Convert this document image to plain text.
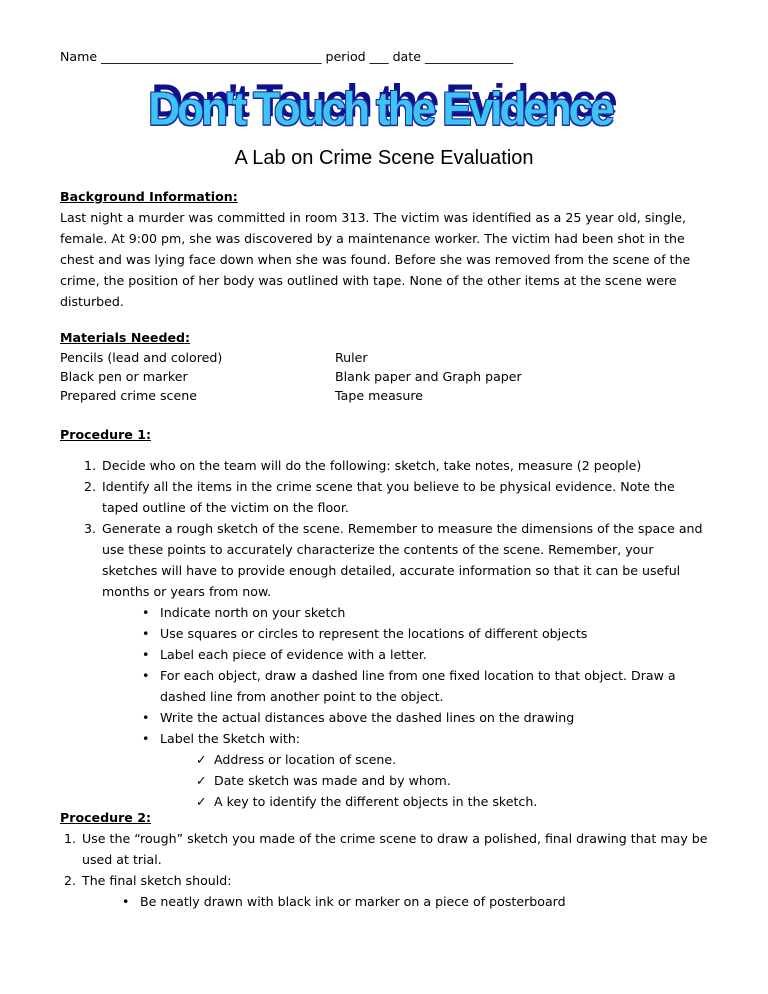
Name ___________________________________ period ___ date ______________
Don't Touch the Evidence
A Lab on Crime Scene Evaluation
Background Information:

Last night a murder was committed in room 313. The victim was identified as a 25 year old, single, female. At 9:00 pm, she was discovered by a maintenance worker. The victim had been shot in the chest and was lying face down when she was found. Before she was removed from the scene of the crime, the position of her body was outlined with tape. None of the other items at the scene were disturbed.

Materials Needed:
Pencils (lead and colored)
Black pen or marker
Prepared crime scene
Ruler
Blank paper and Graph paper
Tape measure
Procedure 1:
1. Decide who on the team will do the following: sketch, take notes, measure (2 people)
2. Identify all the items in the crime scene that you believe to be physical evidence. Note the taped outline of the victim on the floor.
3. Generate a rough sketch of the scene. Remember to measure the dimensions of the space and use these points to accurately characterize the contents of the scene. Remember, your sketches will have to provide enough detailed, accurate information so that it can be useful months or years from now.
• Indicate north on your sketch
• Use squares or circles to represent the locations of different objects
• Label each piece of evidence with a letter.
• For each object, draw a dashed line from one fixed location to that object. Draw a dashed line from another point to the object.
• Write the actual distances above the dashed lines on the drawing
• Label the Sketch with:
✓ Address or location of scene.
✓ Date sketch was made and by whom.
✓ A key to identify the different objects in the sketch.
Procedure 2:
1. Use the “rough” sketch you made of the crime scene to draw a polished, final drawing that may be used at trial.
2. The final sketch should:
• Be neatly drawn with black ink or marker on a piece of posterboard
